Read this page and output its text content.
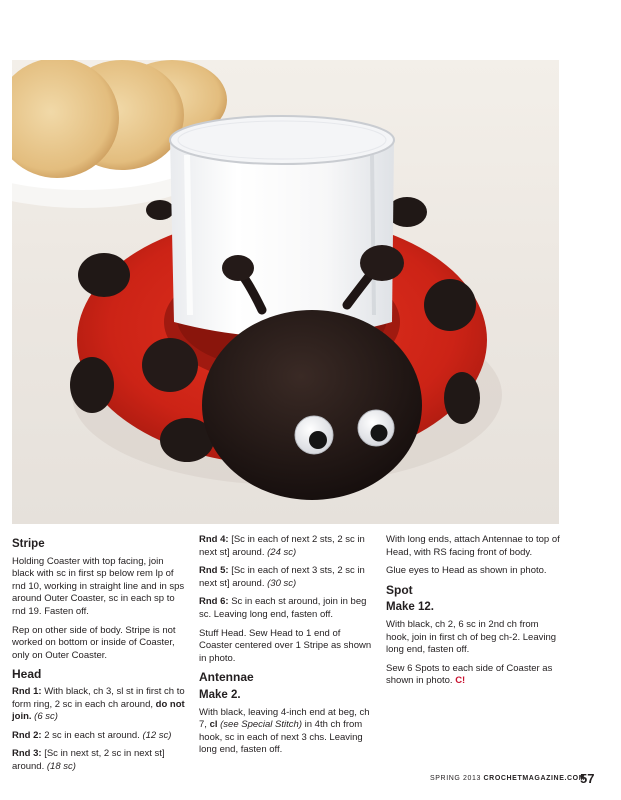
Stripe

Holding Coaster with top facing, join black with sc in first sp below rem lp of rnd 10, working in straight line and in sps around Outer Coaster, sc in each sp to rnd 19. Fasten off.

Rep on other side of body. Stripe is not worked on bottom or inside of Coaster, only on Outer Coaster.

Head

Rnd 1: With black, ch 3, sl st in first ch to form ring, 2 sc in each ch around, do not join. (6 sc)

Rnd 2: 2 sc in each st around. (12 sc)

Rnd 3: [Sc in next st, 2 sc in next st] around. (18 sc)

Rnd 4: [Sc in each of next 2 sts, 2 sc in next st] around. (24 sc)

Rnd 5: [Sc in each of next 3 sts, 2 sc in next st] around. (30 sc)

Rnd 6: Sc in each st around, join in beg sc. Leaving long end, fasten off.

Stuff Head. Sew Head to 1 end of Coaster centered over 1 Stripe as shown in photo.

Antennae
Make 2.

With black, leaving 4-inch end at beg, ch 7, cl (see Special Stitch) in 4th ch from hook, sc in each of next 3 chs. Leaving long end, fasten off.

With long ends, attach Antennae to top of Head, with RS facing front of body.

Glue eyes to Head as shown in photo.

Spot
Make 12.

With black, ch 2, 6 sc in 2nd ch from hook, join in first ch of beg ch-2. Leaving long end, fasten off.

Sew 6 Spots to each side of Coaster as shown in photo. C!

SPRING 2013 CROCHETMAGAZINE.COM
57
